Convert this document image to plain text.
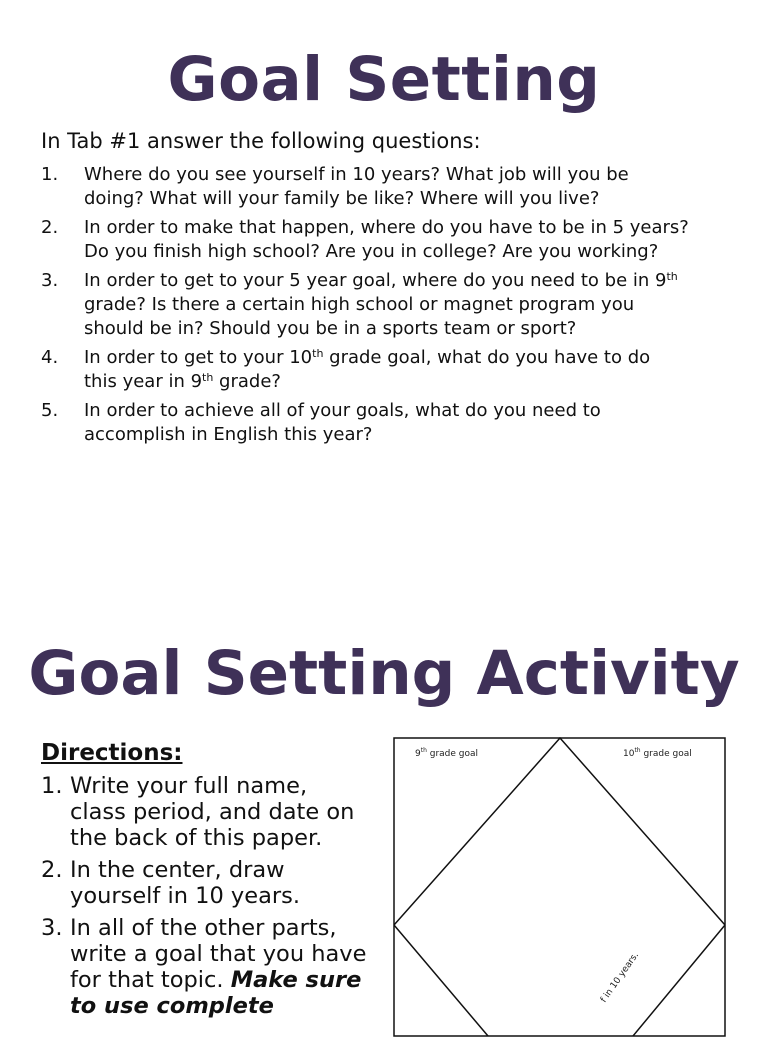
Goal Setting
In Tab #1 answer the following questions:
1. Where do you see yourself in 10 years? What job will you be
doing? What will your family be like? Where will you live?
2. In order to make that happen, where do you have to be in 5 years?
Do you finish high school? Are you in college? Are you working?
3. In order to get to your 5 year goal, where do you need to be in 9th
grade? Is there a certain high school or magnet program you
should be in? Should you be in a sports team or sport?
4. In order to get to your 10th grade goal, what do you have to do
this year in 9th grade?
5. In order to achieve all of your goals, what do you need to
accomplish in English this year?
Goal Setting Activity
Directions:
1. Write your full name,
class period, and date on
the back of this paper.
2. In the center, draw
yourself in 10 years.
3. In all of the other parts,
write a goal that you have
for that topic. Make sure
to use complete
9th grade goal	10th grade goal
f in 10 years.
